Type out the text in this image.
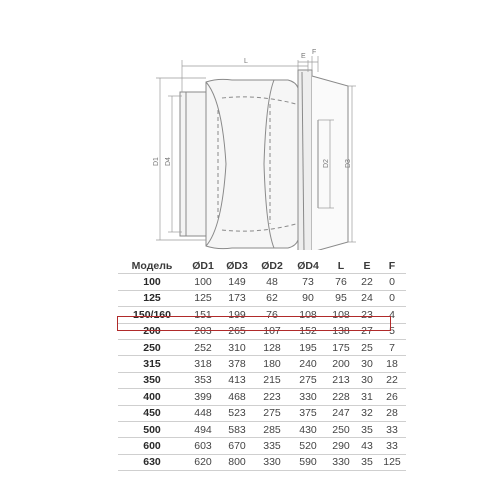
L
E
F
D1 D4	D2 D3
Модель	ØD1	ØD3	ØD2	ØD4	L	E	F
100	100	149	48	73	76	22	0
125	125	173	62	90	95	24	0
150/160	151	199	76	108	108	23	4
200	203	265	107	152	138	27	5
250	252	310	128	195	175	25	7
315	318	378	180	240	200	30	18
350	353	413	215	275	213	30	22
400	399	468	223	330	228	31	26
450	448	523	275	375	247	32	28
500	494	583	285	430	250	35	33
600	603	670	335	520	290	43	33
630	620	800	330	590	330	35	125
